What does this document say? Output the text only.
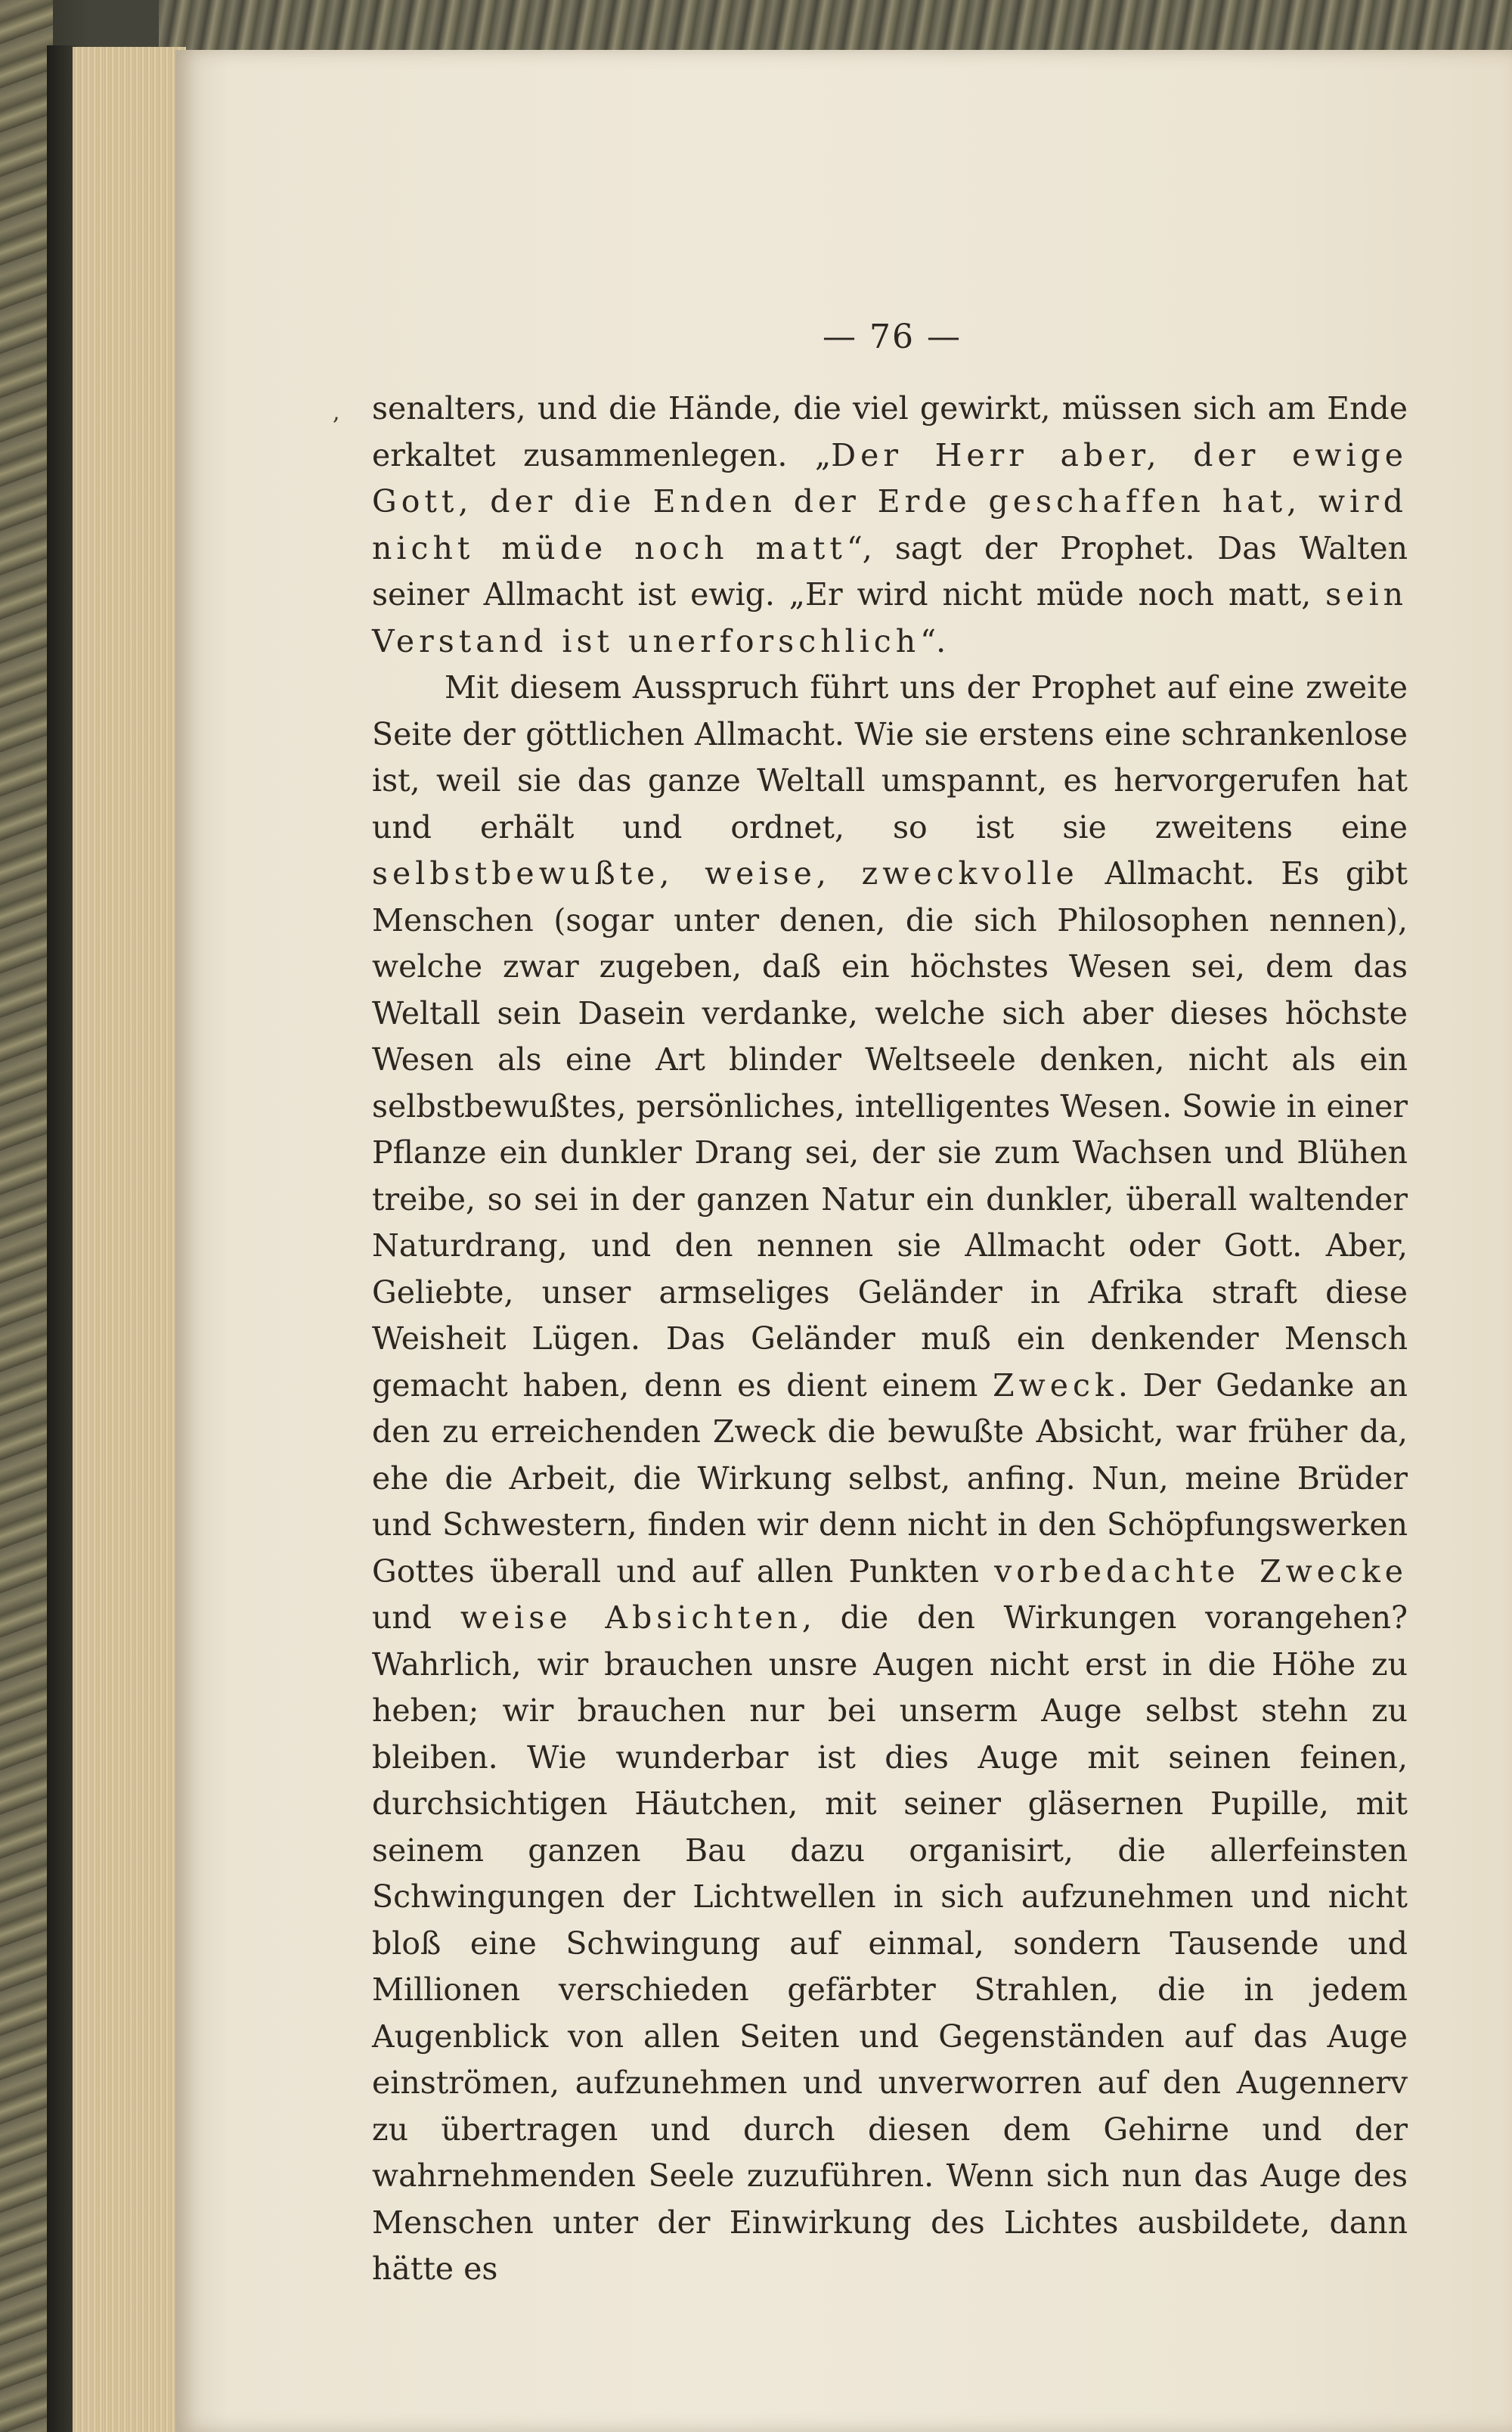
,
— 76 —

senalters, und die Hände, die viel gewirkt, müssen sich am Ende erkaltet zusammenlegen. „Der Herr aber, der ewige Gott, der die Enden der Erde geschaffen hat, wird nicht müde noch matt“, sagt der Prophet. Das Walten seiner Allmacht ist ewig. „Er wird nicht müde noch matt, sein Verstand ist unerforschlich“.

Mit diesem Ausspruch führt uns der Prophet auf eine zweite Seite der göttlichen Allmacht. Wie sie erstens eine schrankenlose ist, weil sie das ganze Weltall umspannt, es hervorgerufen hat und erhält und ordnet, so ist sie zweitens eine selbstbewußte, weise, zweckvolle Allmacht. Es gibt Menschen (sogar unter denen, die sich Philosophen nennen), welche zwar zugeben, daß ein höchstes Wesen sei, dem das Weltall sein Dasein verdanke, welche sich aber dieses höchste Wesen als eine Art blinder Weltseele denken, nicht als ein selbstbewußtes, persönliches, intelligentes Wesen. Sowie in einer Pflanze ein dunkler Drang sei, der sie zum Wachsen und Blühen treibe, so sei in der ganzen Natur ein dunkler, überall waltender Naturdrang, und den nennen sie Allmacht oder Gott. Aber, Geliebte, unser armseliges Geländer in Afrika straft diese Weisheit Lügen. Das Geländer muß ein denkender Mensch gemacht haben, denn es dient einem Zweck. Der Gedanke an den zu erreichenden Zweck die bewußte Absicht, war früher da, ehe die Arbeit, die Wirkung selbst, anfing. Nun, meine Brüder und Schwestern, finden wir denn nicht in den Schöpfungswerken Gottes überall und auf allen Punkten vorbedachte Zwecke und weise Absichten, die den Wirkungen vorangehen? Wahrlich, wir brauchen unsre Augen nicht erst in die Höhe zu heben; wir brauchen nur bei unserm Auge selbst stehn zu bleiben. Wie wunderbar ist dies Auge mit seinen feinen, durchsichtigen Häutchen, mit seiner gläsernen Pupille, mit seinem ganzen Bau dazu organisirt, die allerfeinsten Schwingungen der Lichtwellen in sich aufzunehmen und nicht bloß eine Schwingung auf einmal, sondern Tausende und Millionen verschieden gefärbter Strahlen, die in jedem Augenblick von allen Seiten und Gegenständen auf das Auge einströmen, aufzunehmen und unverworren auf den Augennerv zu übertragen und durch diesen dem Gehirne und der wahrnehmenden Seele zuzuführen. Wenn sich nun das Auge des Menschen unter der Einwirkung des Lichtes ausbildete, dann hätte es
